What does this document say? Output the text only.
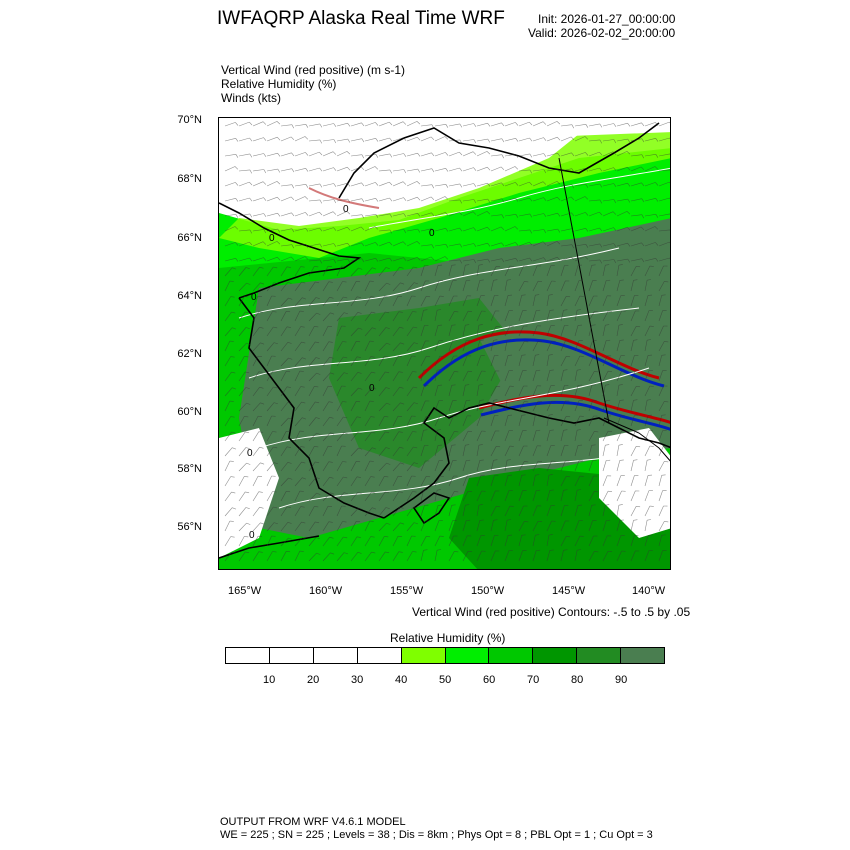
IWFAQRP Alaska Real Time WRF	Init: 2026-01-27_00:00:00
Valid: 2026-02-02_20:00:00
Vertical Wind (red positive) (m s-1)
Relative Humidity (%)
Winds (kts)
0
0
0
0
0
0
0
70°N
68°N
66°N
64°N
62°N
60°N
58°N
56°N
165°W	160°W	155°W	150°W	145°W	140°W
Vertical Wind (red positive) Contours: -.5 to .5 by .05
Relative Humidity (%)
10	20	30	40	50	60	70	80	90
OUTPUT FROM WRF V4.6.1 MODEL
WE = 225 ; SN = 225 ; Levels = 38 ; Dis = 8km ; Phys Opt = 8 ; PBL Opt = 1 ; Cu Opt = 3
